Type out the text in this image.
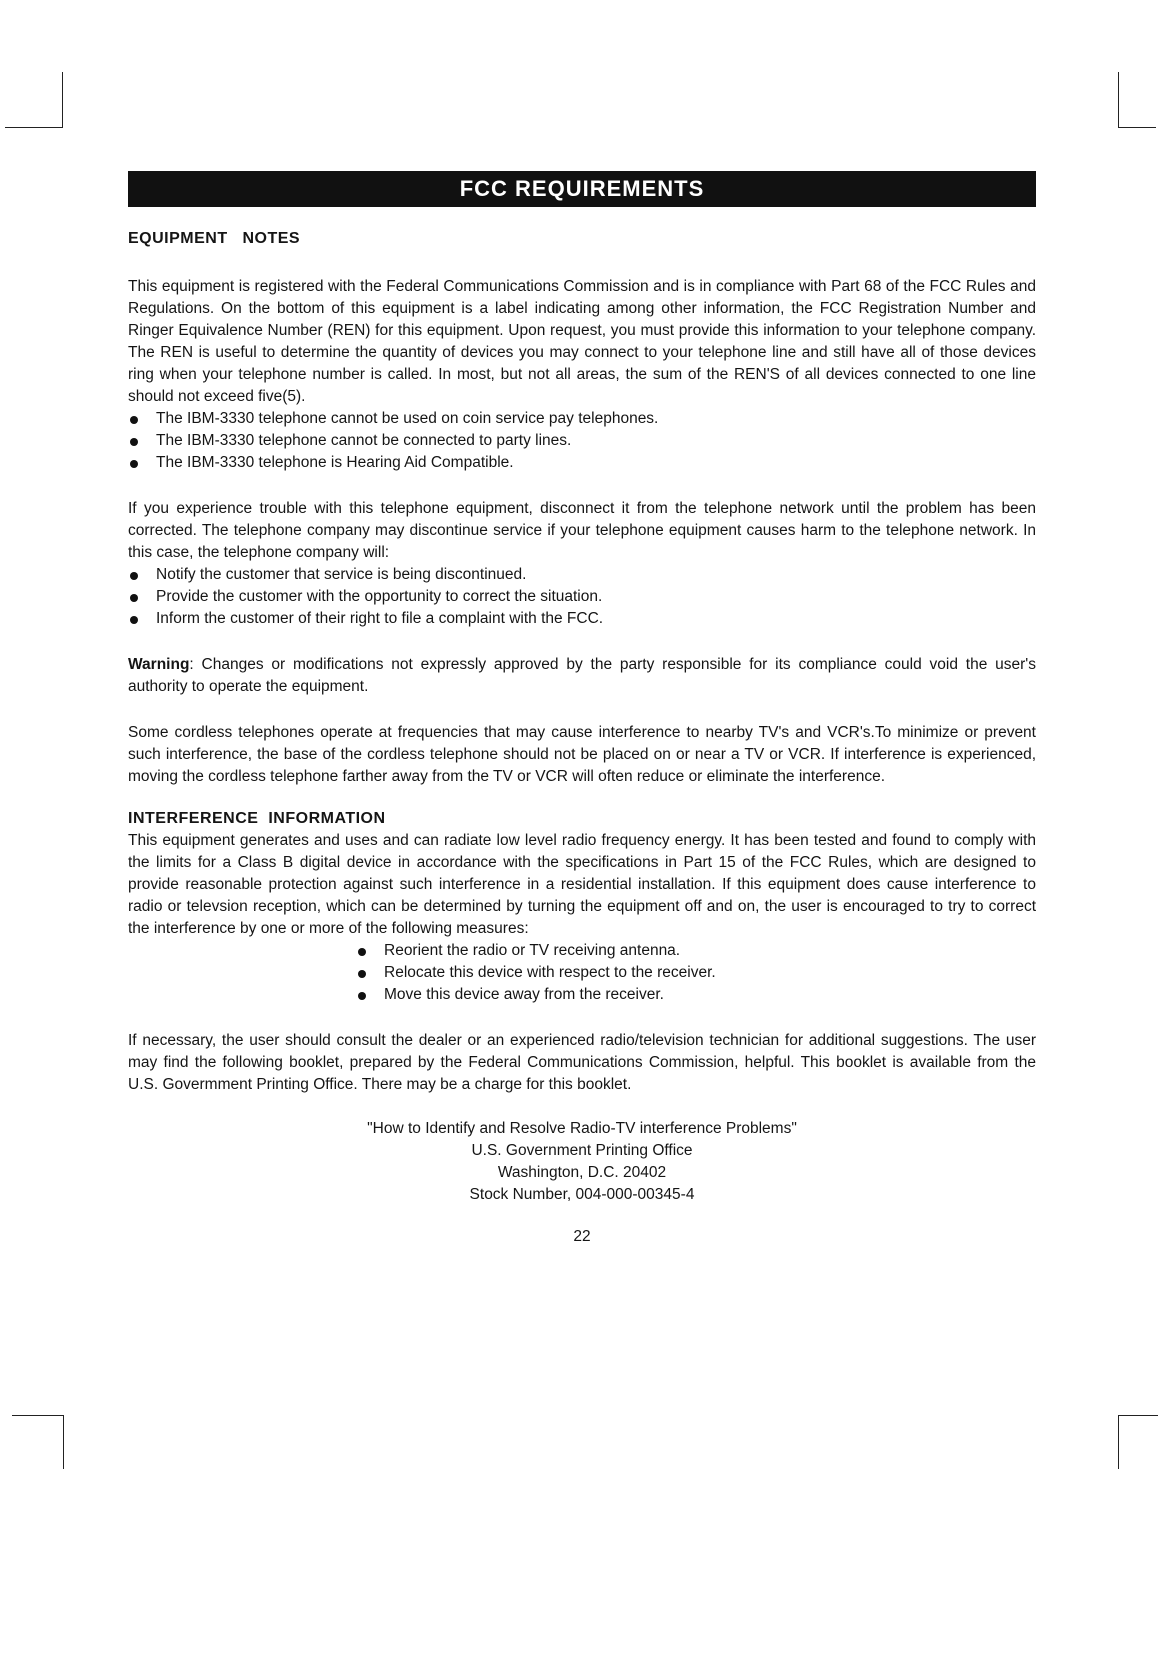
FCC REQUIREMENTS
EQUIPMENT   NOTES

This equipment is registered with the Federal Communications Commission and is in compliance with Part 68 of the FCC Rules and Regulations. On the bottom of this equipment is a label indicating among other information, the FCC Registration Number and Ringer Equivalence Number (REN) for this equipment. Upon request, you must provide this information to your telephone company. The REN is useful to determine the quantity of devices you may connect to your telephone line and still have all of those devices ring when your telephone number is called. In most, but not all areas, the sum of the REN'S of all devices connected to one line should not exceed five(5).

The IBM-3330 telephone cannot be used on coin service pay telephones.
The IBM-3330 telephone cannot be connected to party lines.
The IBM-3330 telephone is Hearing Aid Compatible.

If you experience trouble with this telephone equipment, disconnect it from the telephone network until the problem has been corrected. The telephone company may discontinue service if your telephone equipment causes harm to the telephone network. In this case, the telephone company will:

Notify the customer that service is being discontinued.
Provide the customer with the opportunity to correct the situation.
Inform the customer of their right to file a complaint with the FCC.

Warning: Changes or modifications not expressly approved by the party responsible for its compliance could void the user's authority to operate the equipment.

Some cordless telephones operate at frequencies that may cause interference to nearby TV's and VCR's.To minimize or prevent such interference, the base of the cordless telephone should not be placed on or near a TV or VCR. If interference is experienced, moving the cordless telephone farther away from the TV or VCR will often reduce or eliminate the interference.

INTERFERENCE  INFORMATION

This equipment generates and uses and can radiate low level radio frequency energy. It has been tested and found to comply with the limits for a Class B digital device in accordance with the specifications in Part 15 of the FCC Rules, which are designed to provide reasonable protection against such interference in a residential installation. If this equipment does cause interference to radio or televsion reception, which can be determined by turning the equipment off and on, the user is encouraged to try to correct the interference by one or more of the following measures:

Reorient the radio or TV receiving antenna.
Relocate this device with respect to the receiver.
Move this device away from the receiver.

If necessary, the user should consult the dealer or an experienced radio/television technician for additional suggestions. The user may find the following booklet, prepared by the Federal Communications Commission, helpful. This booklet is available from the U.S. Govermment Printing Office. There may be a charge for this booklet.

"How to Identify and Resolve Radio-TV interference Problems"
U.S. Government Printing Office
Washington, D.C. 20402
Stock Number, 004-000-00345-4
22
